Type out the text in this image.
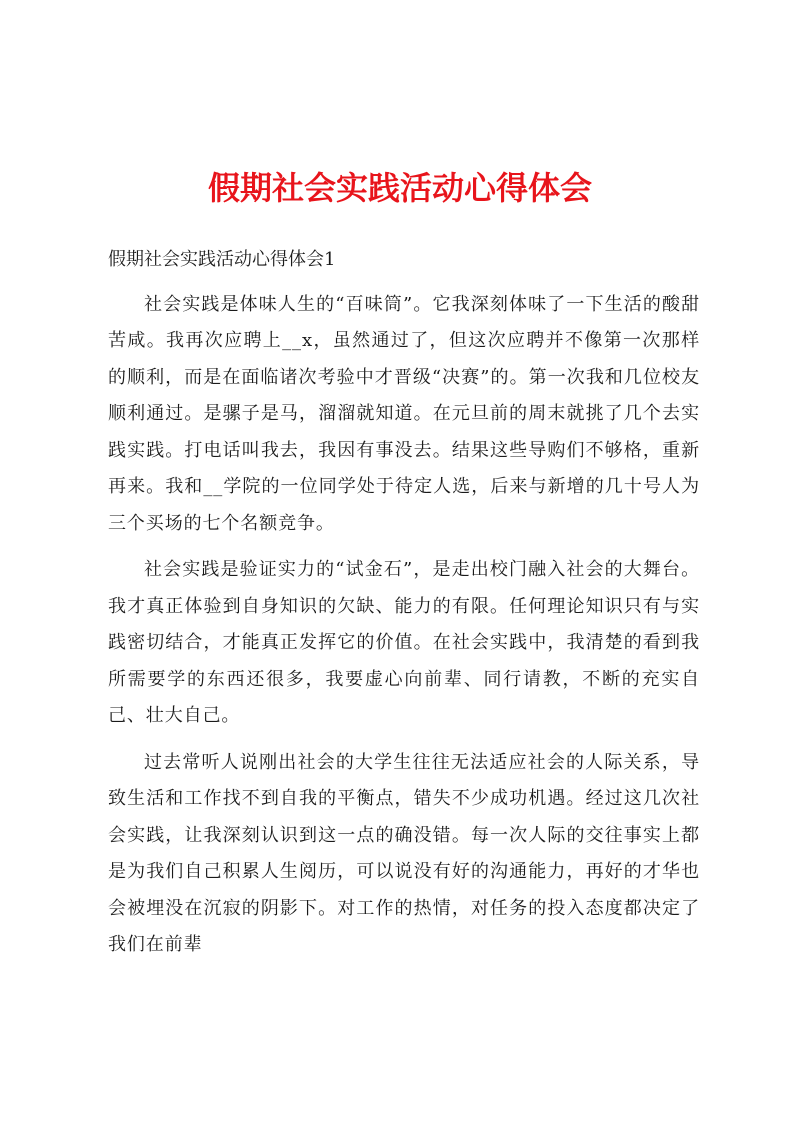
假期社会实践活动心得体会

假期社会实践活动心得体会1

社会实践是体味人生的“百味筒”。它我深刻体味了一下生活的酸甜苦咸。我再次应聘上__x，虽然通过了，但这次应聘并不像第一次那样的顺利，而是在面临诸次考验中才晋级“决赛”的。第一次我和几位校友顺利通过。是骡子是马，溜溜就知道。在元旦前的周末就挑了几个去实践实践。打电话叫我去，我因有事没去。结果这些导购们不够格，重新再来。我和__学院的一位同学处于待定人选，后来与新增的几十号人为三个买场的七个名额竞争。

社会实践是验证实力的“试金石”，是走出校门融入社会的大舞台。我才真正体验到自身知识的欠缺、能力的有限。任何理论知识只有与实践密切结合，才能真正发挥它的价值。在社会实践中，我清楚的看到我所需要学的东西还很多，我要虚心向前辈、同行请教，不断的充实自己、壮大自己。

过去常听人说刚出社会的大学生往往无法适应社会的人际关系，导致生活和工作找不到自我的平衡点，错失不少成功机遇。经过这几次社会实践，让我深刻认识到这一点的确没错。每一次人际的交往事实上都是为我们自己积累人生阅历，可以说没有好的沟通能力，再好的才华也会被埋没在沉寂的阴影下。对工作的热情，对任务的投入态度都决定了我们在前辈
